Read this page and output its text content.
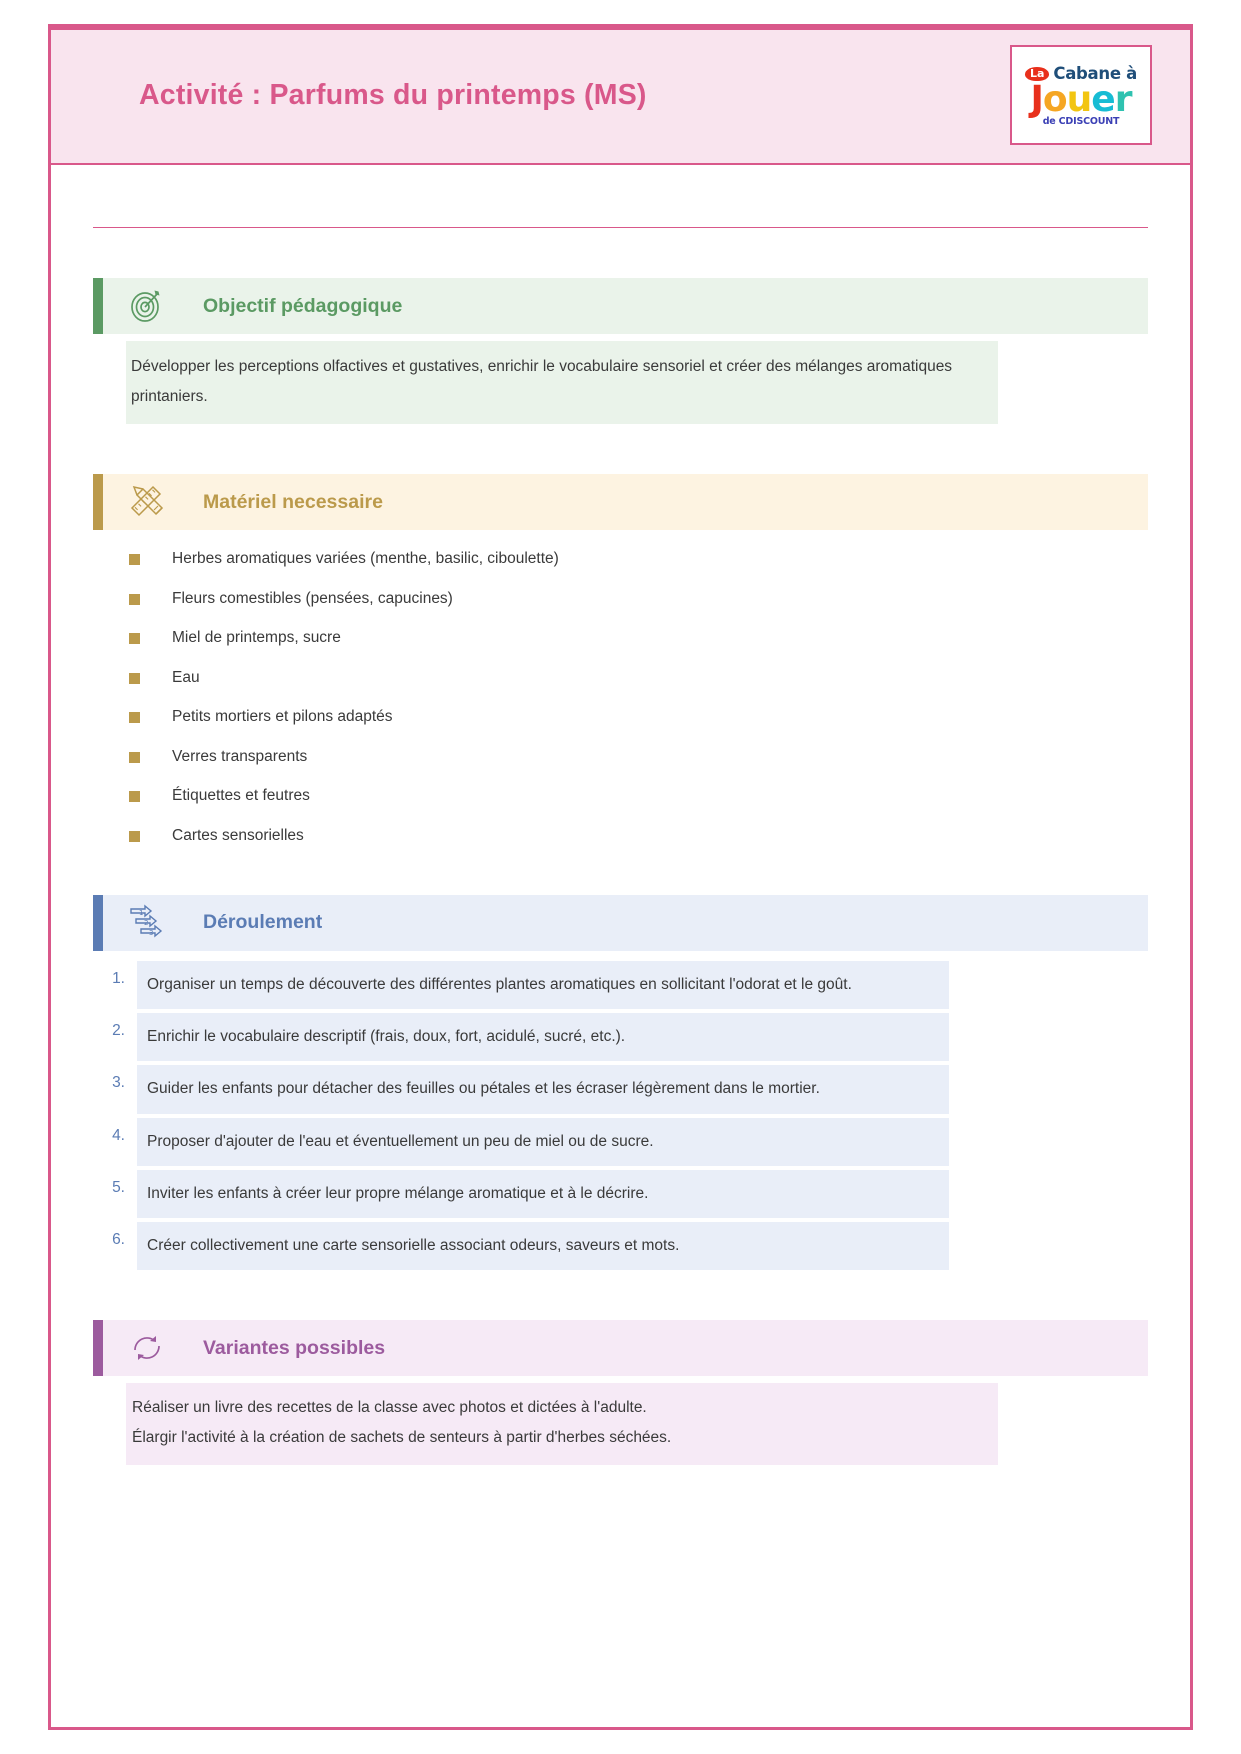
Activité : Parfums du printemps (MS)
La Cabane à
Jouer
de CDISCOUNT
Objectif pédagogique
Développer les perceptions olfactives et gustatives, enrichir le vocabulaire sensoriel et créer des mélanges aromatiques printaniers.
Matériel necessaire
Herbes aromatiques variées (menthe, basilic, ciboulette)
Fleurs comestibles (pensées, capucines)
Miel de printemps, sucre
Eau
Petits mortiers et pilons adaptés
Verres transparents
Étiquettes et feutres
Cartes sensorielles
1
2
3	Déroulement
1.	Organiser un temps de découverte des différentes plantes aromatiques en sollicitant l'odorat et le goût.
2.	Enrichir le vocabulaire descriptif (frais, doux, fort, acidulé, sucré, etc.).
3.	Guider les enfants pour détacher des feuilles ou pétales et les écraser légèrement dans le mortier.
4.	Proposer d'ajouter de l'eau et éventuellement un peu de miel ou de sucre.
5.	Inviter les enfants à créer leur propre mélange aromatique et à le décrire.
6.	Créer collectivement une carte sensorielle associant odeurs, saveurs et mots.
Variantes possibles
Réaliser un livre des recettes de la classe avec photos et dictées à l'adulte.
Élargir l'activité à la création de sachets de senteurs à partir d'herbes séchées.
